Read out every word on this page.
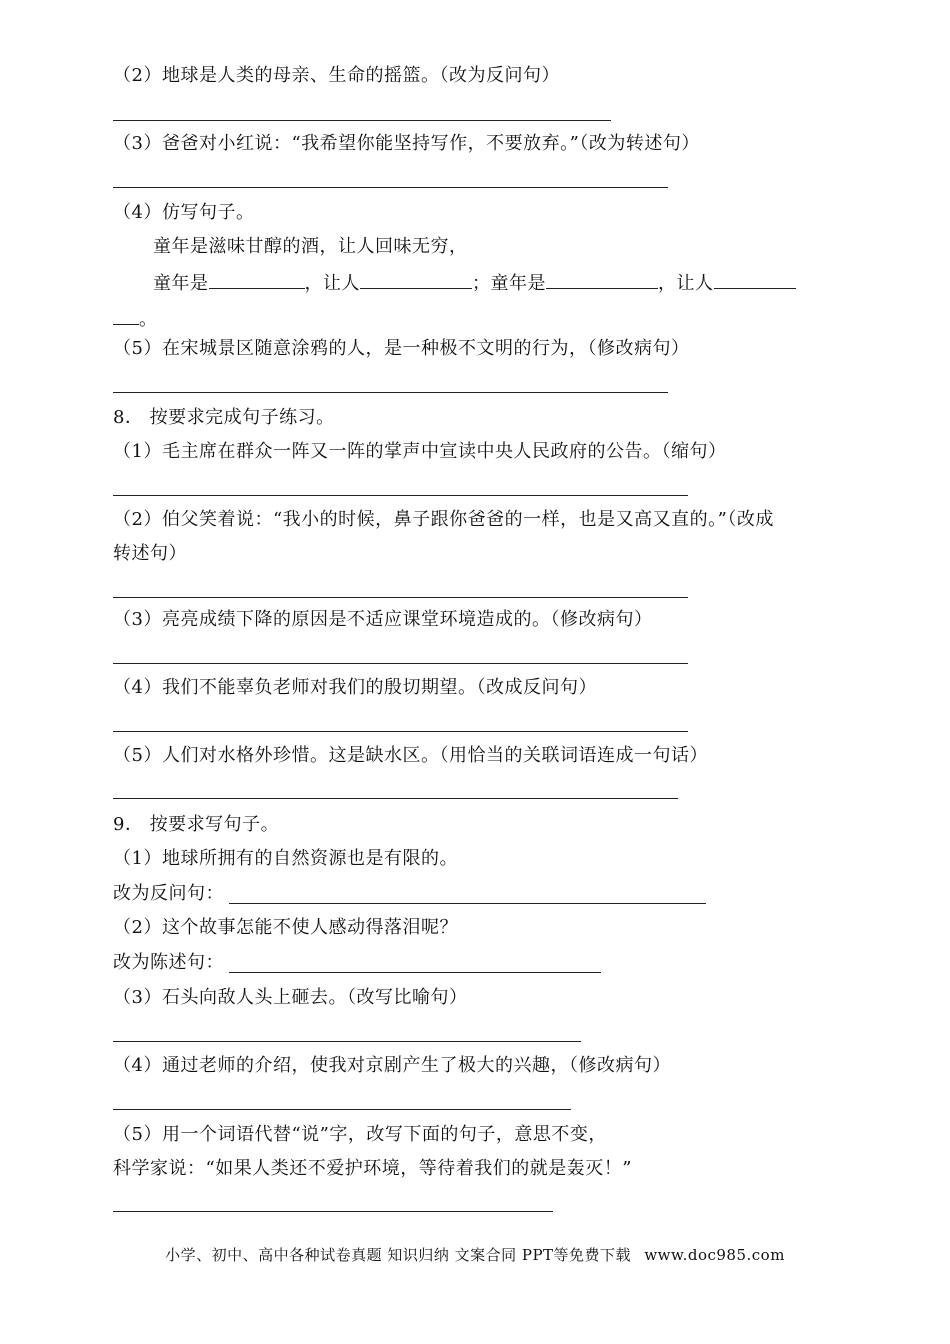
（2）地球是人类的母亲、生命的摇篮。（改为反问句）
（3）爸爸对小红说：“我希望你能坚持写作，不要放弃。”（改为转述句）
（4）仿写句子。
童年是滋味甘醇的酒，让人回味无穷，
童年是	，让人	；童年是	，让人
。
（5）在宋城景区随意涂鸦的人，是一种极不文明的行为，（修改病句）
8． 按要求完成句子练习。
（1）毛主席在群众一阵又一阵的掌声中宣读中央人民政府的公告。（缩句）
（2）伯父笑着说：“我小的时候，鼻子跟你爸爸的一样，也是又高又直的。”（改成
转述句）
（3）亮亮成绩下降的原因是不适应课堂环境造成的。（修改病句）
（4）我们不能辜负老师对我们的殷切期望。（改成反问句）
（5）人们对水格外珍惜。这是缺水区。（用恰当的关联词语连成一句话）
9． 按要求写句子。
（1）地球所拥有的自然资源也是有限的。
改为反问句：
（2）这个故事怎能不使人感动得落泪呢？
改为陈述句：
（3）石头向敌人头上砸去。（改写比喻句）
（4）通过老师的介绍，使我对京剧产生了极大的兴趣，（修改病句）
（5）用一个词语代替“说”字，改写下面的句子，意思不变，
科学家说：“如果人类还不爱护环境，等待着我们的就是轰灭！”
小学、初中、高中各种试卷真题 知识归纳 文案合同 PPT等免费下载 www.doc985.com
